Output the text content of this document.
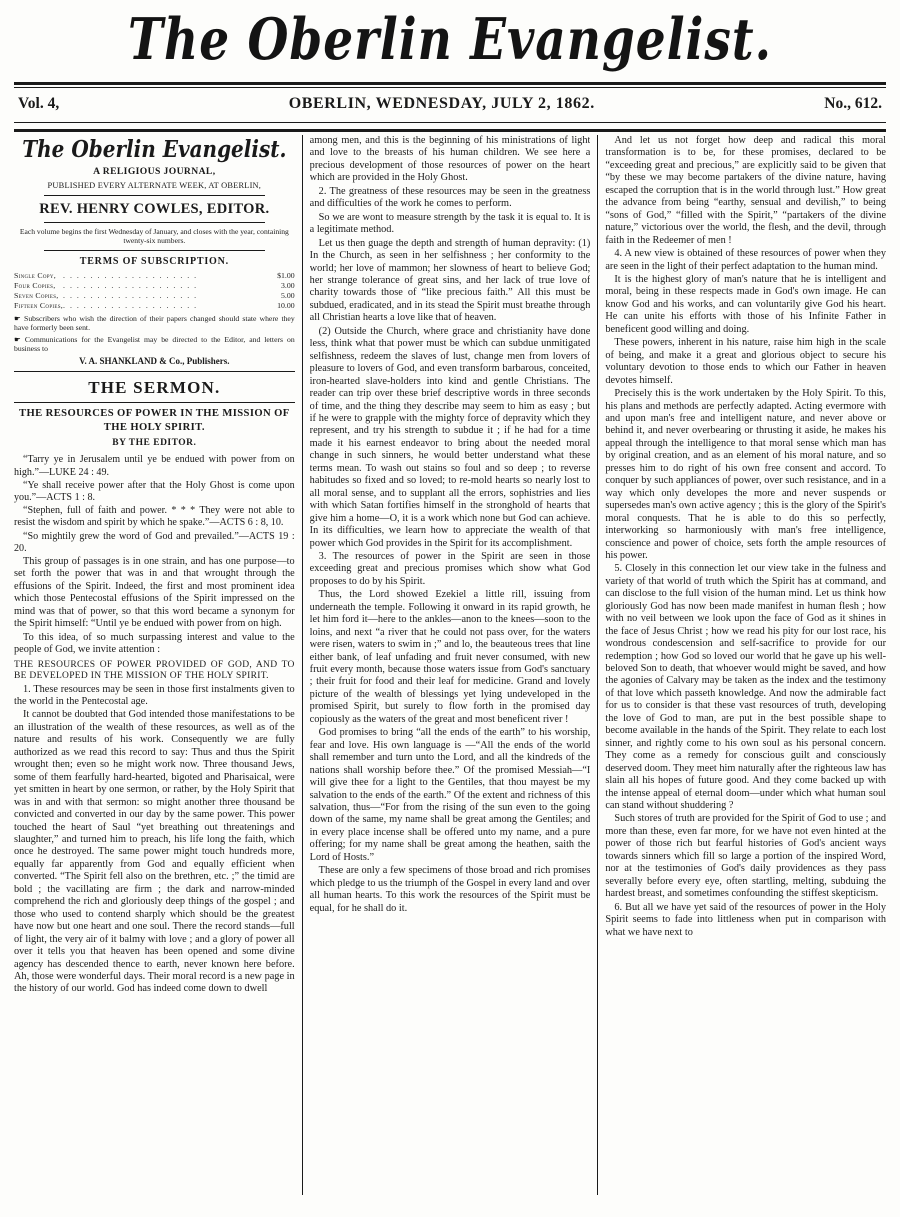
The Oberlin Evangelist.
Vol. 4,	OBERLIN, WEDNESDAY, JULY 2, 1862.	No., 612.
The Oberlin Evangelist.
A RELIGIOUS JOURNAL,
PUBLISHED EVERY ALTERNATE WEEK, AT OBERLIN,
REV. HENRY COWLES, EDITOR.
Each volume begins the first Wednesday of January, and closes with the year, containing twenty-six numbers.
TERMS OF SUBSCRIPTION.
Single Copy,	. . . . . . . . . . . . . . . . . . . .	$1.00
Four Copies,	. . . . . . . . . . . . . . . . . . . .	3.00
Seven Copies,	. . . . . . . . . . . . . . . . . . . .	5.00
Fifteen Copies,	. . . . . . . . . . . . . . . . . . . .	10.00
☛ Subscribers who wish the direction of their papers changed should state where they have formerly been sent.
☛ Communications for the Evangelist may be directed to the Editor, and letters on business to
V. A. SHANKLAND & Co., Publishers.
THE SERMON.
THE RESOURCES OF POWER IN THE MISSION OF THE HOLY SPIRIT.
BY THE EDITOR.
“Tarry ye in Jerusalem until ye be endued with power from on high.”—LUKE 24 : 49.
“Ye shall receive power after that the Holy Ghost is come upon you.”—ACTS 1 : 8.
“Stephen, full of faith and power. * * * They were not able to resist the wisdom and spirit by which he spake.”—ACTS 6 : 8, 10.
“So mightily grew the word of God and prevailed.”—ACTS 19 : 20.

This group of passages is in one strain, and has one purpose—to set forth the power that was in and that wrought through the effusions of the Spirit. Indeed, the first and most prominent idea which those Pentecostal effusions of the Spirit impressed on the mind was that of power, so that this word became a synonym for the Spirit himself: “Until ye be endued with power from on high.

To this idea, of so much surpassing interest and value to the people of God, we invite attention :

THE RESOURCES OF POWER PROVIDED OF GOD, AND TO BE DEVELOPED IN THE MISSION OF THE HOLY SPIRIT.

1. These resources may be seen in those first instalments given to the world in the Pentecostal age.

It cannot be doubted that God intended those manifestations to be an illustration of the wealth of these resources, as well as of the nature and results of his work. Consequently we are fully authorized as we read this record to say: Thus and thus the Spirit wrought then; even so he might work now. Three thousand Jews, some of them fearfully hard-hearted, bigoted and Pharisaical, were yet smitten in heart by one sermon, or rather, by the Holy Spirit that was in and with that sermon: so might another three thousand be convicted and converted in our day by the same power. This power touched the heart of Saul “yet breathing out threatenings and slaughter,” and turned him to preach, his life long the faith, which once he destroyed. The same power might touch hundreds more, equally far apparently from God and equally efficient when converted. “The Spirit fell also on the brethren, etc. ;” the timid are bold ; the vacillating are firm ; the dark and narrow-minded comprehend the rich and gloriously deep things of the gospel ; and those who used to contend sharply which should be the greatest have now but one heart and one soul. There the record stands—full of light, the very air of it balmy with love ; and a glory of power all over it tells you that heaven has been opened and some divine agency has descended thence to earth, never known here before. Ah, those were wonderful days. Their moral record is a new page in the history of our world. God has indeed come down to dwell

among men, and this is the beginning of his ministrations of light and love to the breasts of his human children. We see here a precious development of those resources of power on the heart which are provided in the Holy Ghost.

2. The greatness of these resources may be seen in the greatness and difficulties of the work he comes to perform.

So we are wont to measure strength by the task it is equal to. It is a legitimate method.

Let us then guage the depth and strength of human depravity: (1) In the Church, as seen in her selfishness ; her conformity to the world; her love of mammon; her slowness of heart to believe God; her strange tolerance of great sins, and her lack of true love of charity towards those of “like precious faith.” All this must be subdued, eradicated, and in its stead the Spirit must breathe through all Christian hearts a love like that of heaven.

(2) Outside the Church, where grace and christianity have done less, think what that power must be which can subdue unmitigated selfishness, redeem the slaves of lust, change men from lovers of pleasure to lovers of God, and even transform barbarous, conceited, iron-hearted slave-holders into kind and gentle Christians. The reader can trip over these brief descriptive words in three seconds of time, and the thing they describe may seem to him as easy ; but if he were to grapple with the mighty force of depravity which they represent, and try his strength to subdue it ; if he had for a time made it his earnest endeavor to bring about the needed moral change in such sinners, he would better understand what these terms mean. To wash out stains so foul and so deep ; to reverse habitudes so fixed and so loved; to re-mold hearts so nearly lost to all moral sense, and to supplant all the errors, sophistries and lies with which Satan fortifies himself in the stronghold of hearts that give him a home—O, it is a work which none but God can achieve. In its difficulties, we learn how to appreciate the wealth of that power which God provides in the Spirit for its accomplishment.

3. The resources of power in the Spirit are seen in those exceeding great and precious promises which show what God proposes to do by his Spirit.

Thus, the Lord showed Ezekiel a little rill, issuing from underneath the temple. Following it onward in its rapid growth, he let him ford it—here to the ankles—anon to the knees—soon to the loins, and next “a river that he could not pass over, for the waters were risen, waters to swim in ;” and lo, the beauteous trees that line either bank, of leaf unfading and fruit never consumed, with new fruit every month, because those waters issue from God's sanctuary ; their fruit for food and their leaf for medicine. Grand and lovely picture of the wealth of blessings yet lying undeveloped in the promised Spirit, but surely to flow forth in the promised day copiously as the waters of the great and most beneficent river !

God promises to bring “all the ends of the earth” to his worship, fear and love. His own language is —“All the ends of the world shall remember and turn unto the Lord, and all the kindreds of the nations shall worship before thee.” Of the promised Messiah—“I will give thee for a light to the Gentiles, that thou mayest be my salvation to the ends of the earth.” Of the extent and richness of this salvation, thus—“For from the rising of the sun even to the going down of the same, my name shall be great among the Gentiles; and in every place incense shall be offered unto my name, and a pure offering; for my name shall be great among the heathen, saith the Lord of Hosts.”

These are only a few specimens of those broad and rich promises which pledge to us the triumph of the Gospel in every land and over all human hearts. To this work the resources of the Spirit must be equal, for he shall do it.

And let us not forget how deep and radical this moral transformation is to be, for these promises, declared to be “exceeding great and precious,” are explicitly said to be given that “by these we may become partakers of the divine nature, having escaped the corruption that is in the world through lust.” How great the advance from being “earthy, sensual and devilish,” to being “sons of God,” “filled with the Spirit,” “partakers of the divine nature,” victorious over the world, the flesh, and the devil, through faith in the Redeemer of men !

4. A new view is obtained of these resources of power when they are seen in the light of their perfect adaptation to the human mind.

It is the highest glory of man's nature that he is intelligent and moral, being in these respects made in God's own image. He can know God and his works, and can voluntarily give God his heart. He can unite his efforts with those of his Infinite Father in beneficent good willing and doing.

These powers, inherent in his nature, raise him high in the scale of being, and make it a great and glorious object to secure his voluntary devotion to those ends to which our Father in heaven devotes himself.

Precisely this is the work undertaken by the Holy Spirit. To this, his plans and methods are perfectly adapted. Acting evermore with and upon man's free and intelligent nature, and never above or behind it, and never overbearing or thrusting it aside, he makes his appeal through the intelligence to that moral sense which man has by original creation, and as an element of his moral nature, and so presses him to do right of his own free consent and accord. To conquer by such appliances of power, over such resistance, and in a way which only developes the more and never suspends or supersedes man's own active agency ; this is the glory of the Spirit's moral conquests. That he is able to do this so perfectly, interworking so harmoniously with man's free intelligence, conscience and power of choice, sets forth the ample resources of his power.

5. Closely in this connection let our view take in the fulness and variety of that world of truth which the Spirit has at command, and can disclose to the full vision of the human mind. Let us think how gloriously God has now been made manifest in human flesh ; how with no veil between we look upon the face of God as it shines in the face of Jesus Christ ; how we read his pity for our lost race, his wondrous condescension and self-sacrifice to provide for our redemption ; how God so loved our world that he gave up his well-beloved Son to death, that whoever would might be saved, and how the agonies of Calvary may be taken as the index and the testimony of that love which passeth knowledge. And now the admirable fact for us to consider is that these vast resources of truth, developing the love of God to man, are put in the best possible shape to become available in the hands of the Spirit. They relate to each lost sinner, and rightly come to his own soul as his personal concern. They come as a remedy for conscious guilt and consciously deserved doom. They meet him naturally after the righteous law has slain all his hopes of future good. And they come backed up with the intense appeal of eternal doom—under which what human soul can stand without shuddering ?

Such stores of truth are provided for the Spirit of God to use ; and more than these, even far more, for we have not even hinted at the power of those rich but fearful histories of God's ancient ways towards sinners which fill so large a portion of the inspired Word, nor at the testimonies of God's daily providences as they pass severally before every eye, often startling, melting, subduing the hardest breast, and sometimes confounding the stiffest skepticism.

6. But all we have yet said of the resources of power in the Holy Spirit seems to fade into littleness when put in comparison with what we have next to
